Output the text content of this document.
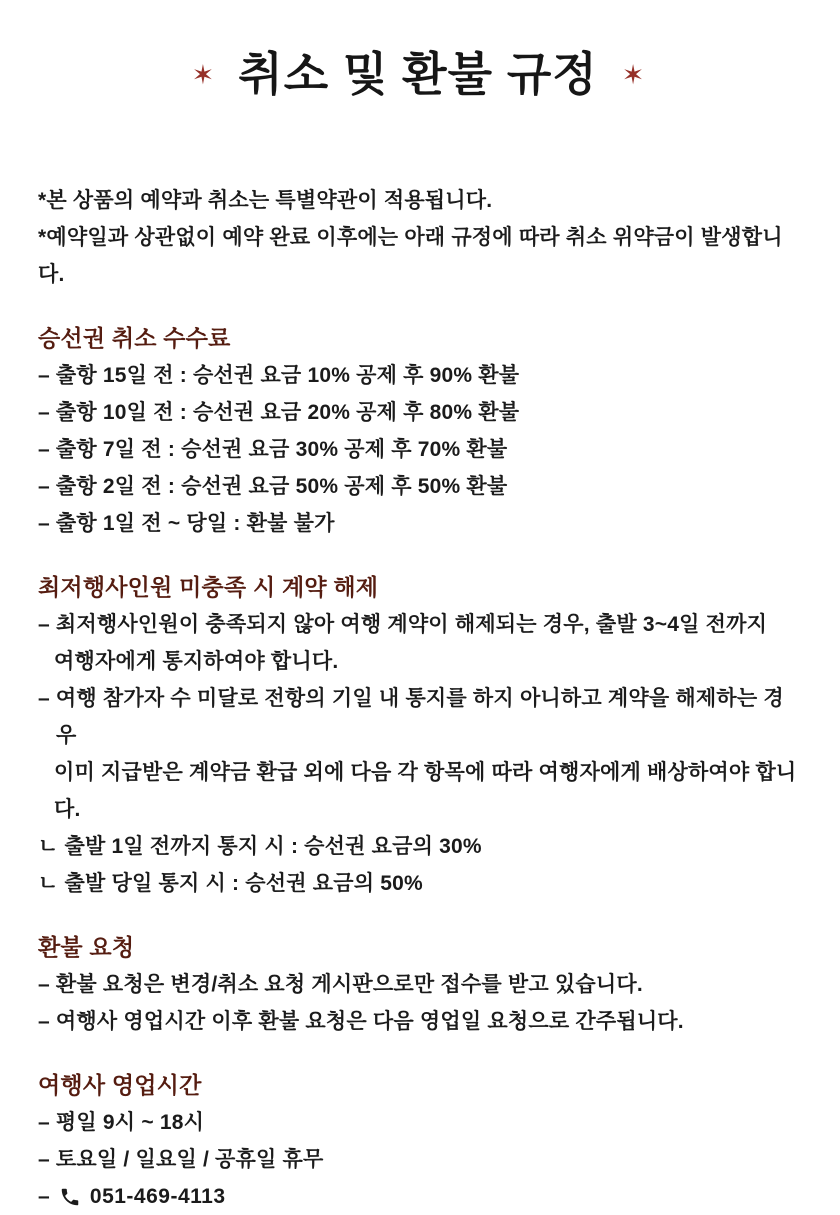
✶ 취소 및 환불 규정 ✶
*본 상품의 예약과 취소는 특별약관이 적용됩니다.
*예약일과 상관없이 예약 완료 이후에는 아래 규정에 따라 취소 위약금이 발생합니다.
승선권 취소 수수료
– 출항 15일 전 : 승선권 요금 10% 공제 후 90% 환불
– 출항 10일 전 : 승선권 요금 20% 공제 후 80% 환불
– 출항 7일 전 : 승선권 요금 30% 공제 후 70% 환불
– 출항 2일 전 : 승선권 요금 50% 공제 후 50% 환불
– 출항 1일 전 ~ 당일 : 환불 불가
최저행사인원 미충족 시 계약 해제
– 최저행사인원이 충족되지 않아 여행 계약이 해제되는 경우, 출발 3~4일 전까지
여행자에게 통지하여야 합니다.
– 여행 참가자 수 미달로 전항의 기일 내 통지를 하지 아니하고 계약을 해제하는 경우
이미 지급받은 계약금 환급 외에 다음 각 항목에 따라 여행자에게 배상하여야 합니다.
ㄴ 출발 1일 전까지 통지 시 : 승선권 요금의 30%
ㄴ 출발 당일 통지 시 : 승선권 요금의 50%
환불 요청
– 환불 요청은 변경/취소 요청 게시판으로만 접수를 받고 있습니다.
– 여행사 영업시간 이후 환불 요청은 다음 영업일 요청으로 간주됩니다.
여행사 영업시간
– 평일 9시 ~ 18시
– 토요일 / 일요일 / 공휴일 휴무
– 051-469-4113
